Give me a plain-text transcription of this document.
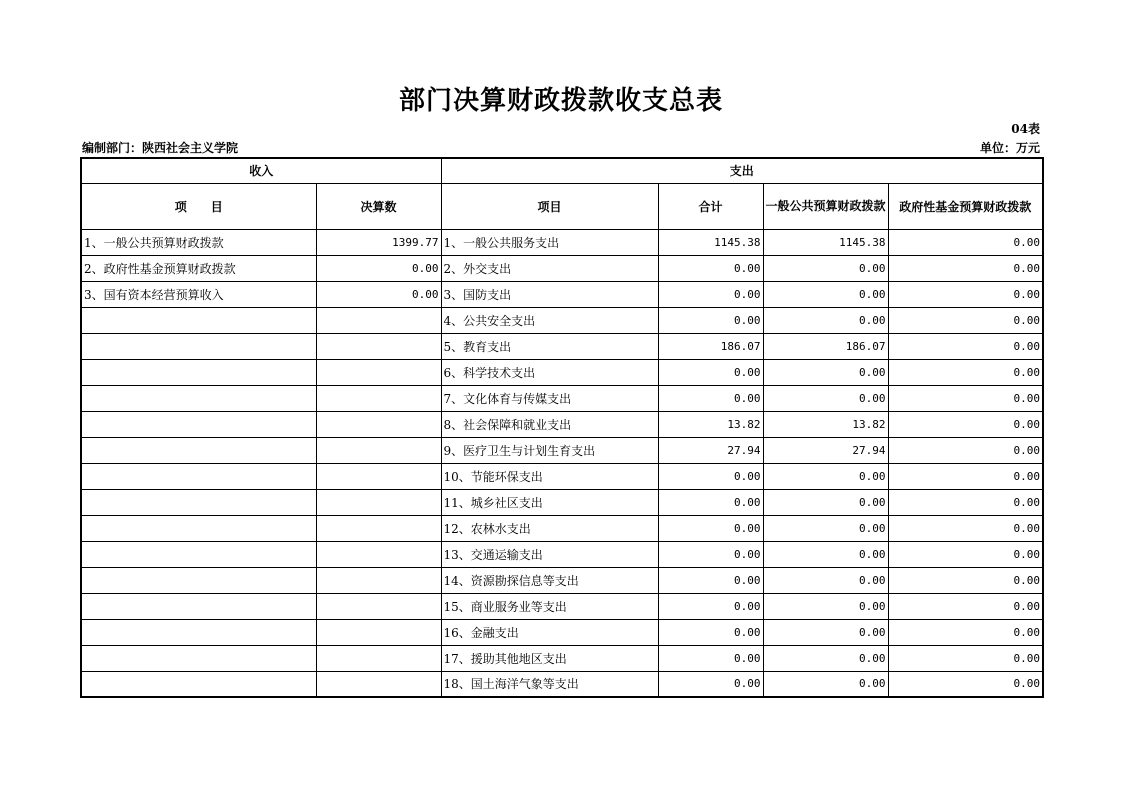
部门决算财政拨款收支总表
04表
编制部门：陕西社会主义学院	单位：万元
收入		支出			
项　　目	决算数	项目	合计	一般公共预算财政拨款	政府性基金预算财政拨款
1、一般公共预算财政拨款	1399.77	1、一般公共服务支出	1145.38	1145.38	0.00
2、政府性基金预算财政拨款	0.00	2、外交支出	0.00	0.00	0.00
3、国有资本经营预算收入	0.00	3、国防支出	0.00	0.00	0.00
		4、公共安全支出	0.00	0.00	0.00
		5、教育支出	186.07	186.07	0.00
		6、科学技术支出	0.00	0.00	0.00
		7、文化体育与传媒支出	0.00	0.00	0.00
		8、社会保障和就业支出	13.82	13.82	0.00
		9、医疗卫生与计划生育支出	27.94	27.94	0.00
		10、节能环保支出	0.00	0.00	0.00
		11、城乡社区支出	0.00	0.00	0.00
		12、农林水支出	0.00	0.00	0.00
		13、交通运输支出	0.00	0.00	0.00
		14、资源勘探信息等支出	0.00	0.00	0.00
		15、商业服务业等支出	0.00	0.00	0.00
		16、金融支出	0.00	0.00	0.00
		17、援助其他地区支出	0.00	0.00	0.00
		18、国土海洋气象等支出	0.00	0.00	0.00
